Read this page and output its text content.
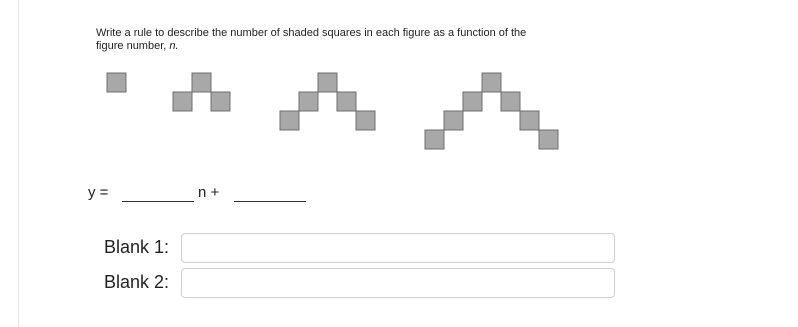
Write a rule to describe the number of shaded squares in each figure as a function of the
figure number, n.
y =	n +
Blank 1:
Blank 2:
